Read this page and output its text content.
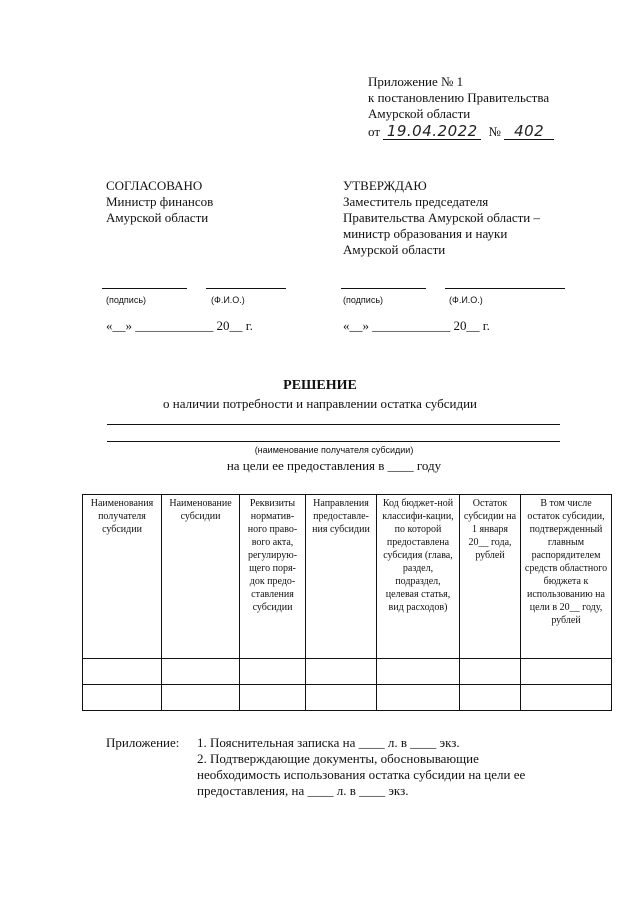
Приложение № 1
к постановлению Правительства
Амурской области
от 19.04.2022 № 402
СОГЛАСОВАНО
Министр финансов
Амурской области
УТВЕРЖДАЮ
Заместитель председателя
Правительства Амурской области –
министр образования и науки
Амурской области
(подпись)	(Ф.И.О.)	(подпись)	(Ф.И.О.)
«__» ____________ 20__ г.	«__» ____________ 20__ г.
РЕШЕНИЕ
о наличии потребности и направлении остатка субсидии
(наименование получателя субсидии)
на цели ее предоставления в ____ году
Наименования получателя субсидии	Наименование субсидии	Реквизиты норматив-ного право-вого акта, регулирую-щего поря-док предо-ставления субсидии	Направления предоставле-ния субсидии	Код бюджет-ной классифи-кации, по которой предоставлена субсидия (глава, раздел, подраздел, целевая статья, вид расходов)	Остаток субсидии на 1 января 20__ года, рублей	В том числе остаток субсидии, подтвержденный главным распорядителем средств областного бюджета к использованию на цели в 20__ году, рублей

Приложение: 1. Пояснительная записка на ____ л. в ____ экз.
2. Подтверждающие документы, обосновывающие
необходимость использования остатка субсидии на цели ее
предоставления, на ____ л. в ____ экз.
